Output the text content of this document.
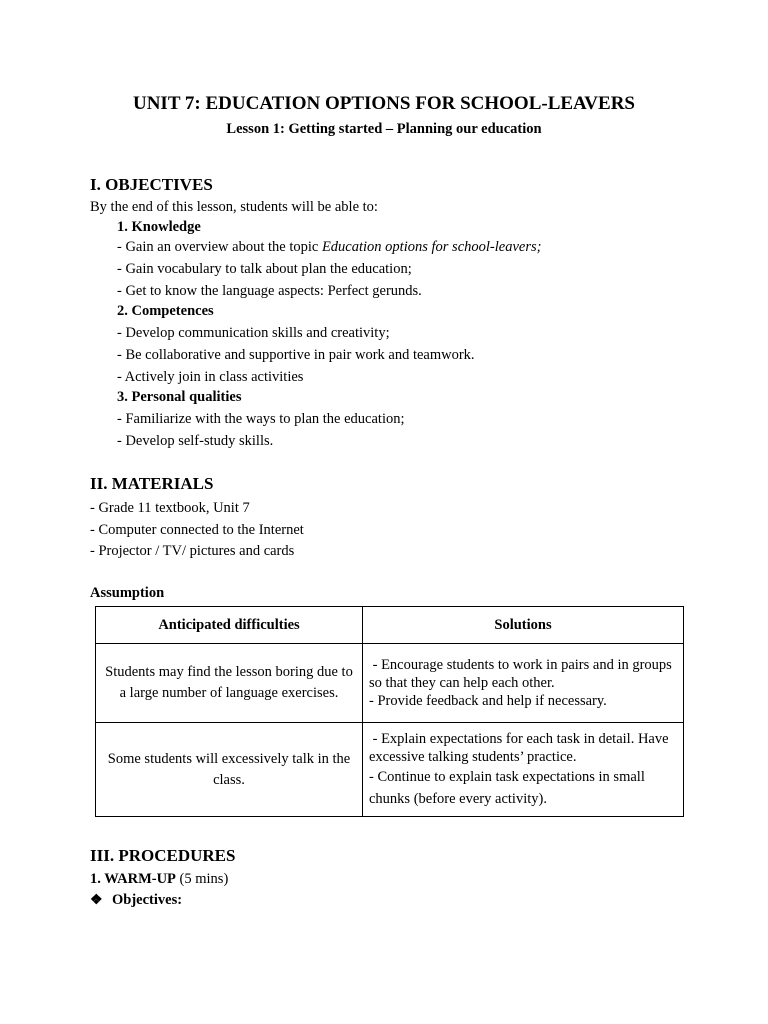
UNIT 7: EDUCATION OPTIONS FOR SCHOOL-LEAVERS
Lesson 1: Getting started – Planning our education
I. OBJECTIVES
By the end of this lesson, students will be able to:
1. Knowledge
- Gain an overview about the topic Education options for school-leavers;
- Gain vocabulary to talk about plan the education;
- Get to know the language aspects: Perfect gerunds.
2. Competences
- Develop communication skills and creativity;
- Be collaborative and supportive in pair work and teamwork.
- Actively join in class activities
3. Personal qualities
- Familiarize with the ways to plan the education;
- Develop self-study skills.
II. MATERIALS
- Grade 11 textbook, Unit 7
- Computer connected to the Internet
- Projector / TV/ pictures and cards
Assumption
Anticipated difficulties	Solutions
Students may find the lesson boring due to a large number of language exercises.	- Encourage students to work in pairs and in groups so that they can help each other.
- Provide feedback and help if necessary.

Some students will excessively talk in the class.	- Explain expectations for each task in detail. Have excessive talking students’ practice.
- Continue to explain task expectations in small chunks (before every activity).
III. PROCEDURES
1. WARM-UP (5 mins)
❖ Objectives:
